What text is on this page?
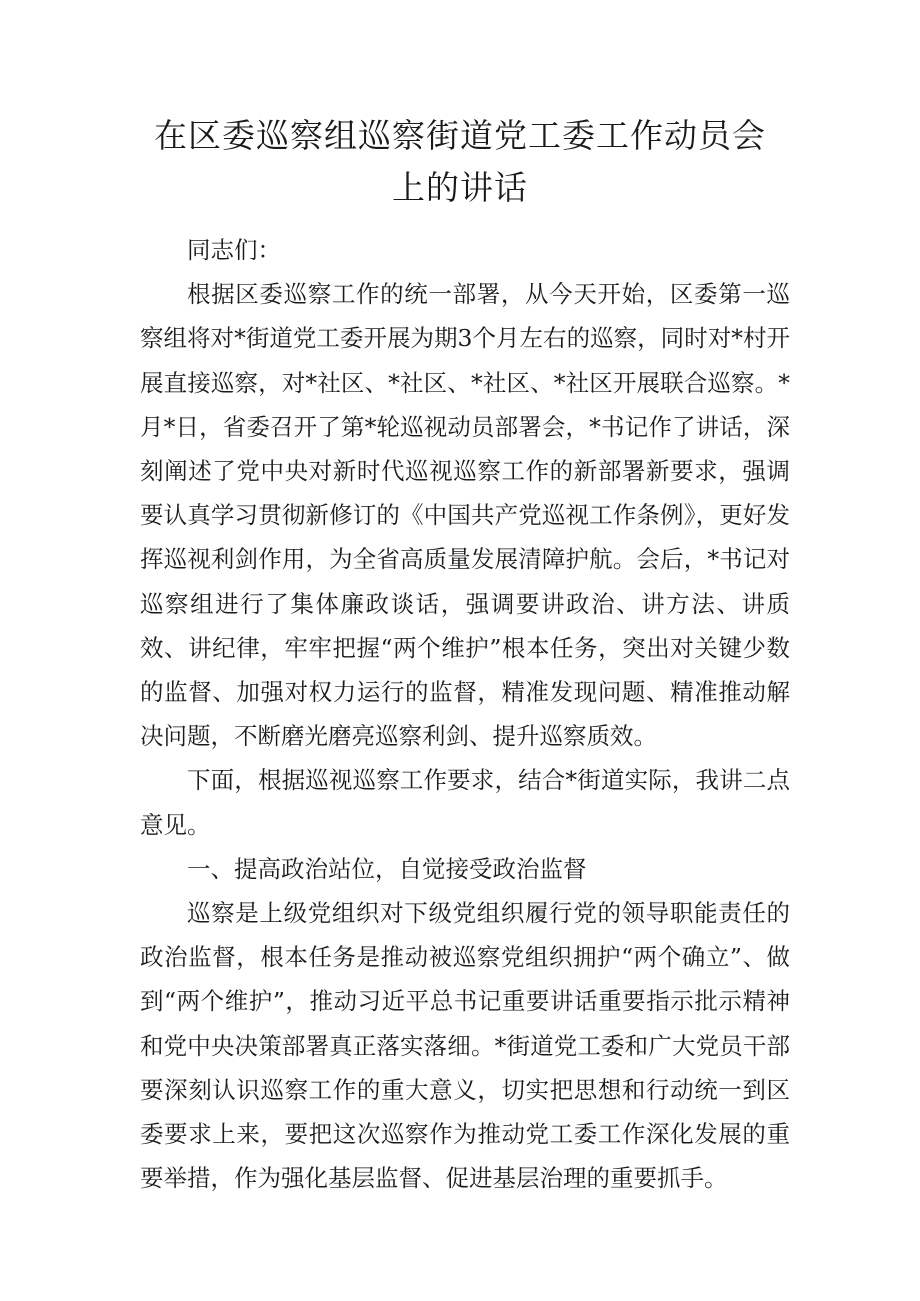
在区委巡察组巡察街道党工委工作动员会
上的讲话

同志们：

根据区委巡察工作的统一部署，从今天开始，区委第一巡察组将对*街道党工委开展为期3个月左右的巡察，同时对*村开展直接巡察，对*社区、*社区、*社区、*社区开展联合巡察。*月*日，省委召开了第*轮巡视动员部署会，*书记作了讲话，深刻阐述了党中央对新时代巡视巡察工作的新部署新要求，强调要认真学习贯彻新修订的《中国共产党巡视工作条例》，更好发挥巡视利剑作用，为全省高质量发展清障护航。会后，*书记对巡察组进行了集体廉政谈话，强调要讲政治、讲方法、讲质效、讲纪律，牢牢把握“两个维护”根本任务，突出对关键少数的监督、加强对权力运行的监督，精准发现问题、精准推动解决问题，不断磨光磨亮巡察利剑、提升巡察质效。

下面，根据巡视巡察工作要求，结合*街道实际，我讲二点意见。

一、提高政治站位，自觉接受政治监督

巡察是上级党组织对下级党组织履行党的领导职能责任的政治监督，根本任务是推动被巡察党组织拥护“两个确立”、做到“两个维护”，推动习近平总书记重要讲话重要指示批示精神和党中央决策部署真正落实落细。*街道党工委和广大党员干部要深刻认识巡察工作的重大意义，切实把思想和行动统一到区委要求上来，要把这次巡察作为推动党工委工作深化发展的重要举措，作为强化基层监督、促进基层治理的重要抓手。
